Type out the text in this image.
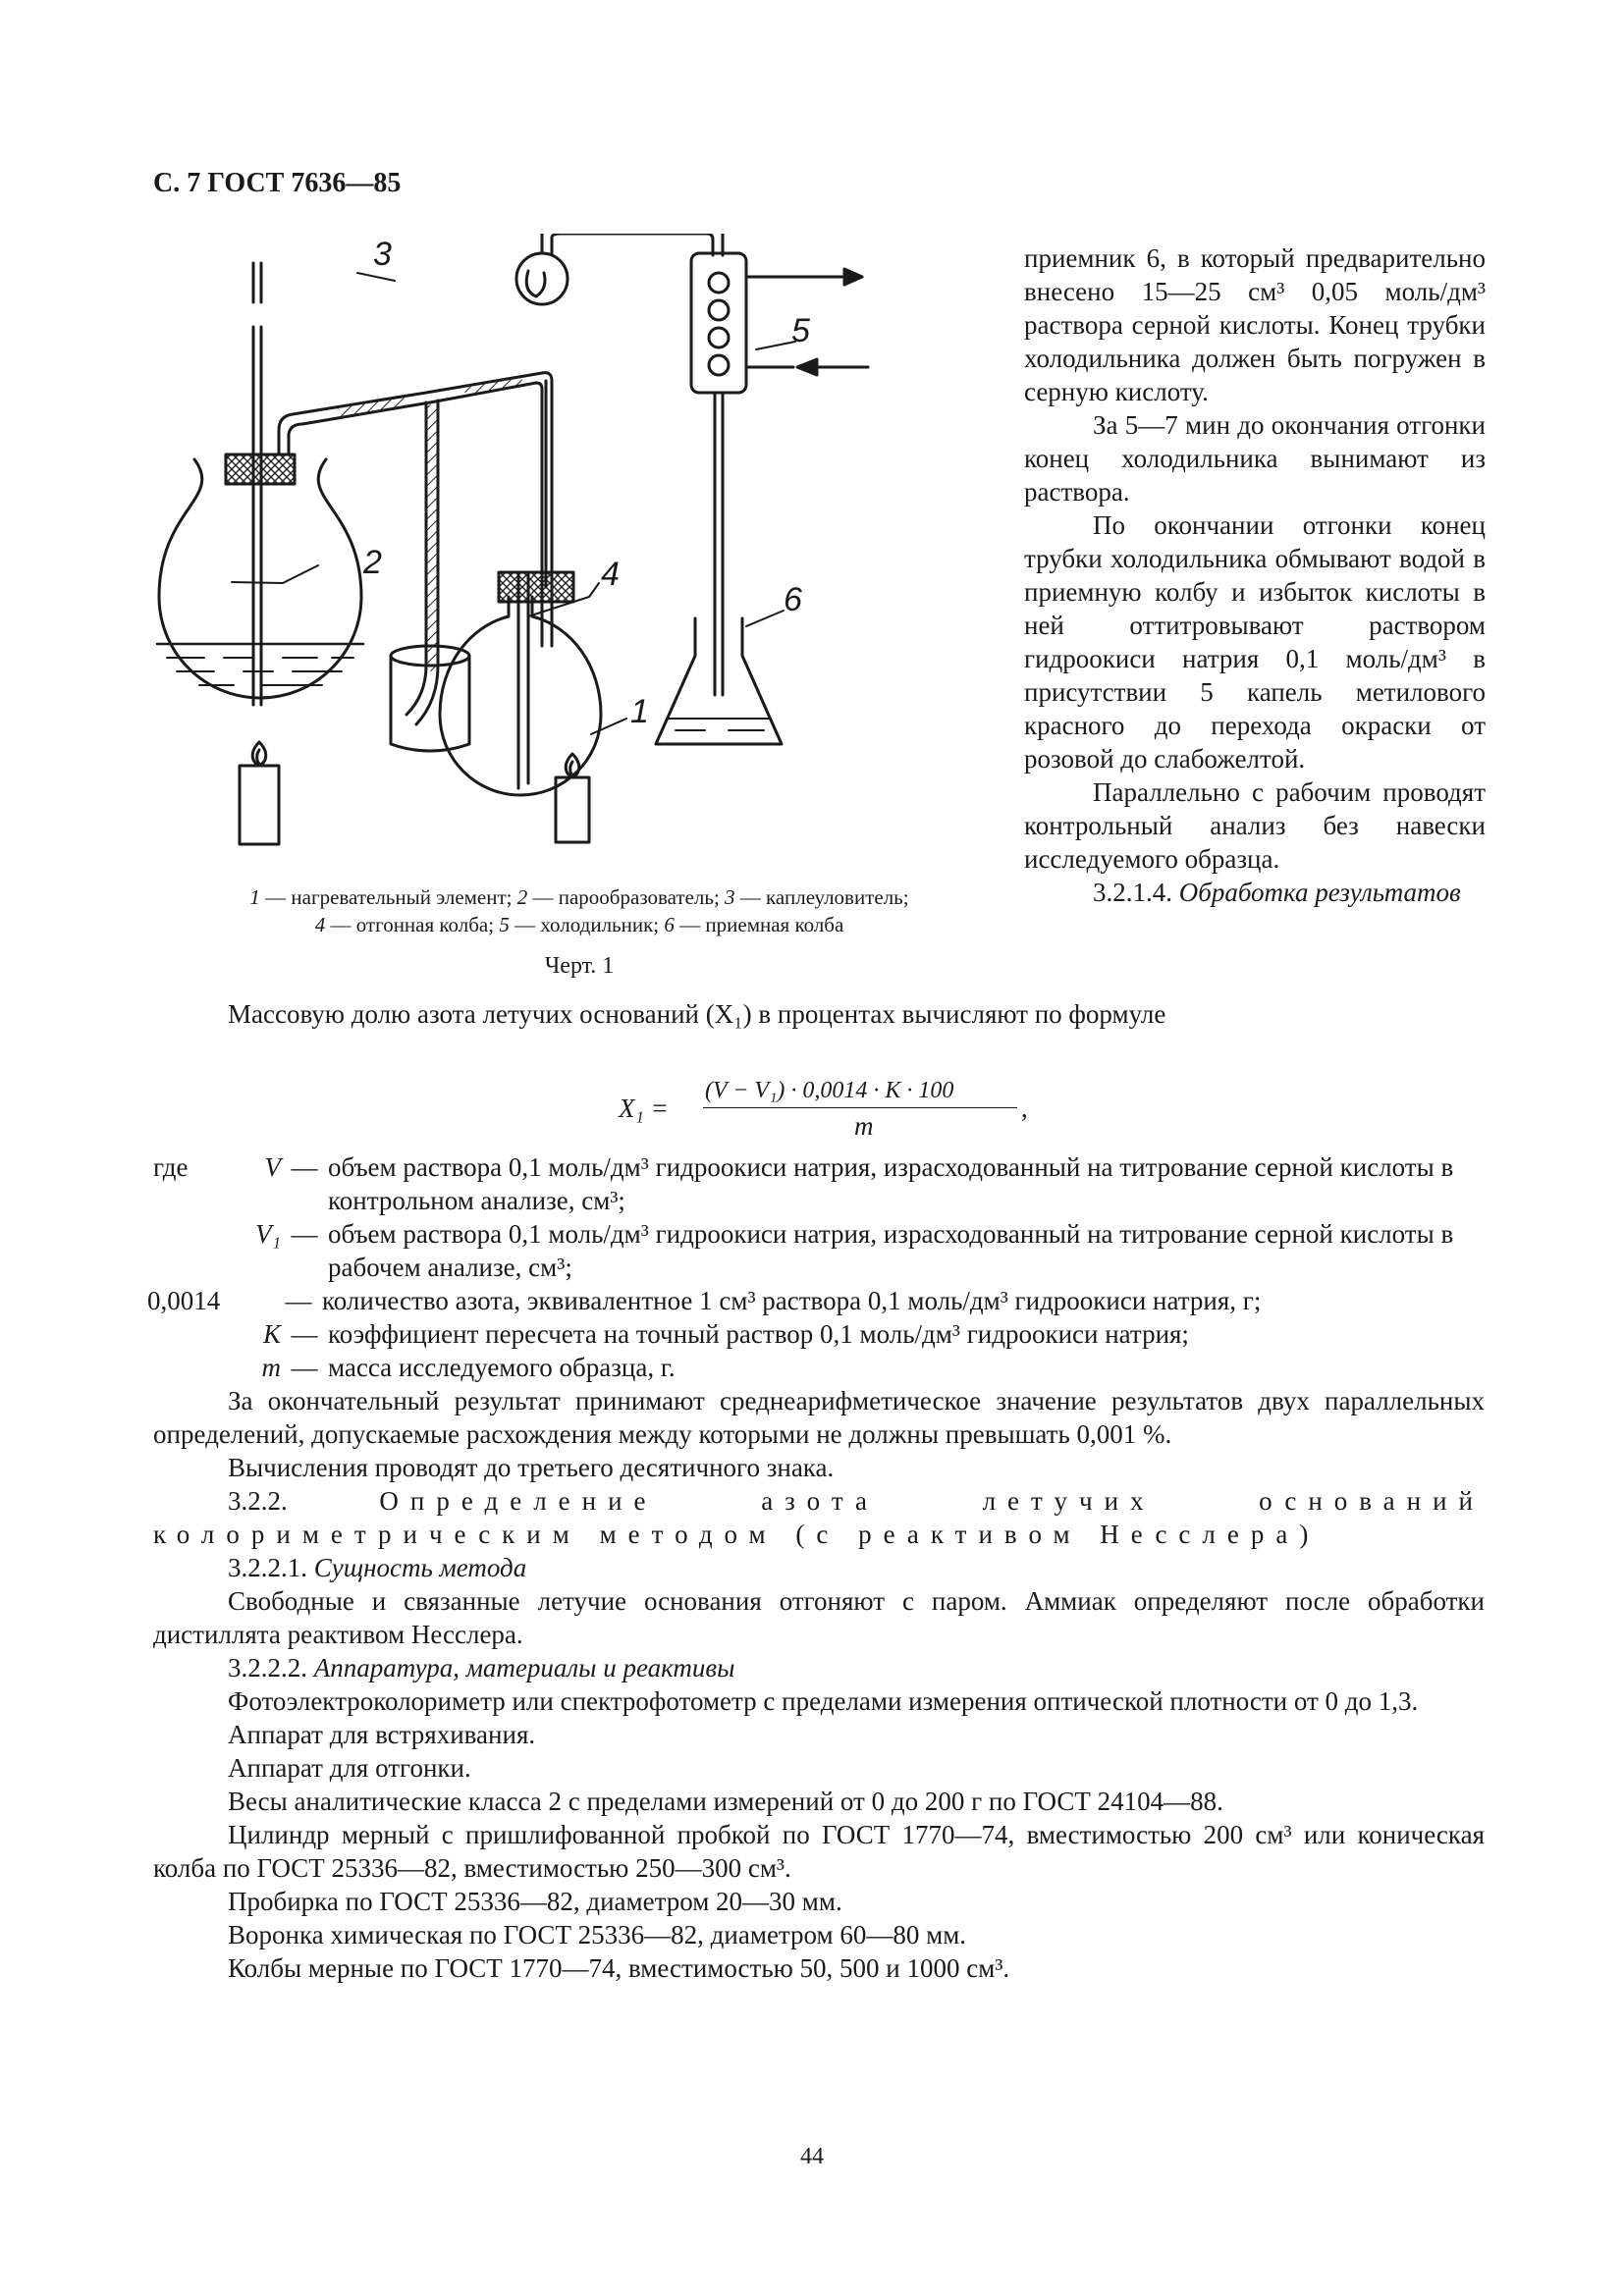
С. 7 ГОСТ 7636—85
3
2	4
1
5
6
1 — нагревательный элемент; 2 — парообразователь; 3 — каплеуловитель;
4 — отгонная колба; 5 — холодильник; 6 — приемная колба
Черт. 1

приемник 6, в который предварительно внесено 15—25 см³ 0,05 моль/дм³ раствора серной кислоты. Конец трубки холодильника должен быть погружен в серную кислоту.

За 5—7 мин до окончания отгонки конец холодильника вынимают из раствора.

По окончании отгонки конец трубки холодильника обмывают водой в приемную колбу и избыток кислоты в ней оттитровывают раствором гидроокиси натрия 0,1 моль/дм³ в присутствии 5 капель метилового красного до перехода окраски от розовой до слабожелтой.

Параллельно с рабочим проводят контрольный анализ без навески исследуемого образца.

3.2.1.4. Обработка результатов

Массовую долю азота летучих оснований (X₁) в процентах вычисляют по формуле
X₁ =
(V − V₁) · 0,0014 · K · 100
m
,
где	V — объем раствора 0,1 моль/дм³ гидроокиси натрия, израсходованный на титрование серной кислоты в контрольном анализе, см³;
V₁ — объем раствора 0,1 моль/дм³ гидроокиси натрия, израсходованный на титрование серной кислоты в рабочем анализе, см³;
0,0014	— количество азота, эквивалентное 1 см³ раствора 0,1 моль/дм³ гидроокиси натрия, г;
K — коэффициент пересчета на точный раствор 0,1 моль/дм³ гидроокиси натрия;
m — масса исследуемого образца, г.

За окончательный результат принимают среднеарифметическое значение результатов двух параллельных определений, допускаемые расхождения между которыми не должны превышать 0,001 %.

Вычисления проводят до третьего десятичного знака.

3.2.2.	Определение азота летучих оснований колориметрическим методом (с реактивом Несслера)

3.2.2.1. Сущность метода

Свободные и связанные летучие основания отгоняют с паром. Аммиак определяют после обработки дистиллята реактивом Несслера.

3.2.2.2. Аппаратура, материалы и реактивы

Фотоэлектроколориметр или спектрофотометр с пределами измерения оптической плотности от 0 до 1,3.

Аппарат для встряхивания.

Аппарат для отгонки.

Весы аналитические класса 2 с пределами измерений от 0 до 200 г по ГОСТ 24104—88.

Цилиндр мерный с пришлифованной пробкой по ГОСТ 1770—74, вместимостью 200 см³ или коническая колба по ГОСТ 25336—82, вместимостью 250—300 см³.

Пробирка по ГОСТ 25336—82, диаметром 20—30 мм.

Воронка химическая по ГОСТ 25336—82, диаметром 60—80 мм.

Колбы мерные по ГОСТ 1770—74, вместимостью 50, 500 и 1000 см³.

44
